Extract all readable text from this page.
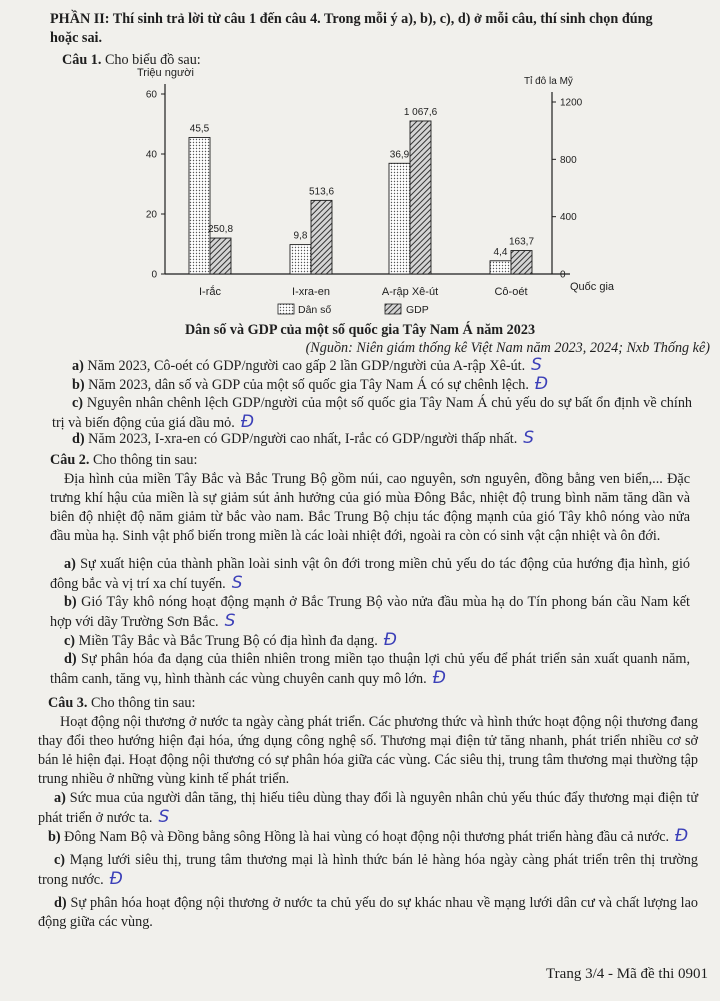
PHẦN II: Thí sinh trả lời từ câu 1 đến câu 4. Trong mỗi ý a), b), c), d) ở mỗi câu, thí sinh chọn đúng hoặc sai.

Câu 1. Cho biểu đồ sau:

0
20
40
60
0
400
800
1200
Triệu người
Tỉ đô la Mỹ
Quốc gia
45,5
250,8
I-rắc
9,8
513,6
I-xra-en
36,9
1 067,6
A-rập Xê-út
4,4
163,7
Cô-oét
Dân số	GDP

Dân số và GDP của một số quốc gia Tây Nam Á năm 2023

(Nguồn: Niên giám thống kê Việt Nam năm 2023, 2024; Nxb Thống kê)

a) Năm 2023, Cô-oét có GDP/người cao gấp 2 lần GDP/người của A-rập Xê-út. S

b) Năm 2023, dân số và GDP của một số quốc gia Tây Nam Á có sự chênh lệch. Đ

c) Nguyên nhân chênh lệch GDP/người của một số quốc gia Tây Nam Á chủ yếu do sự bất ổn định về chính trị và biến động của giá dầu mỏ. Đ

d) Năm 2023, I-xra-en có GDP/người cao nhất, I-rắc có GDP/người thấp nhất. S

Câu 2. Cho thông tin sau:

Địa hình của miền Tây Bắc và Bắc Trung Bộ gồm núi, cao nguyên, sơn nguyên, đồng bằng ven biển,... Đặc trưng khí hậu của miền là sự giảm sút ảnh hưởng của gió mùa Đông Bắc, nhiệt độ trung bình năm tăng dần và biên độ nhiệt độ năm giảm từ bắc vào nam. Bắc Trung Bộ chịu tác động mạnh của gió Tây khô nóng vào nửa đầu mùa hạ. Sinh vật phổ biến trong miền là các loài nhiệt đới, ngoài ra còn có sinh vật cận nhiệt và ôn đới.

a) Sự xuất hiện của thành phần loài sinh vật ôn đới trong miền chủ yếu do tác động của hướng địa hình, gió đông bắc và vị trí xa chí tuyến. S

b) Gió Tây khô nóng hoạt động mạnh ở Bắc Trung Bộ vào nửa đầu mùa hạ do Tín phong bán cầu Nam kết hợp với dãy Trường Sơn Bắc. S

c) Miền Tây Bắc và Bắc Trung Bộ có địa hình đa dạng. Đ

d) Sự phân hóa đa dạng của thiên nhiên trong miền tạo thuận lợi chủ yếu để phát triển sản xuất quanh năm, thâm canh, tăng vụ, hình thành các vùng chuyên canh quy mô lớn. Đ

Câu 3. Cho thông tin sau:

Hoạt động nội thương ở nước ta ngày càng phát triển. Các phương thức và hình thức hoạt động nội thương đang thay đổi theo hướng hiện đại hóa, ứng dụng công nghệ số. Thương mại điện tử tăng nhanh, phát triển nhiều cơ sở bán lẻ hiện đại. Hoạt động nội thương có sự phân hóa giữa các vùng. Các siêu thị, trung tâm thương mại thường tập trung nhiều ở những vùng kinh tế phát triển.

a) Sức mua của người dân tăng, thị hiếu tiêu dùng thay đổi là nguyên nhân chủ yếu thúc đẩy thương mại điện tử phát triển ở nước ta. S

b) Đông Nam Bộ và Đồng bằng sông Hồng là hai vùng có hoạt động nội thương phát triển hàng đầu cả nước. Đ

c) Mạng lưới siêu thị, trung tâm thương mại là hình thức bán lẻ hàng hóa ngày càng phát triển trên thị trường trong nước. Đ

d) Sự phân hóa hoạt động nội thương ở nước ta chủ yếu do sự khác nhau về mạng lưới dân cư và chất lượng lao động giữa các vùng.

Trang 3/4 - Mã đề thi 0901
